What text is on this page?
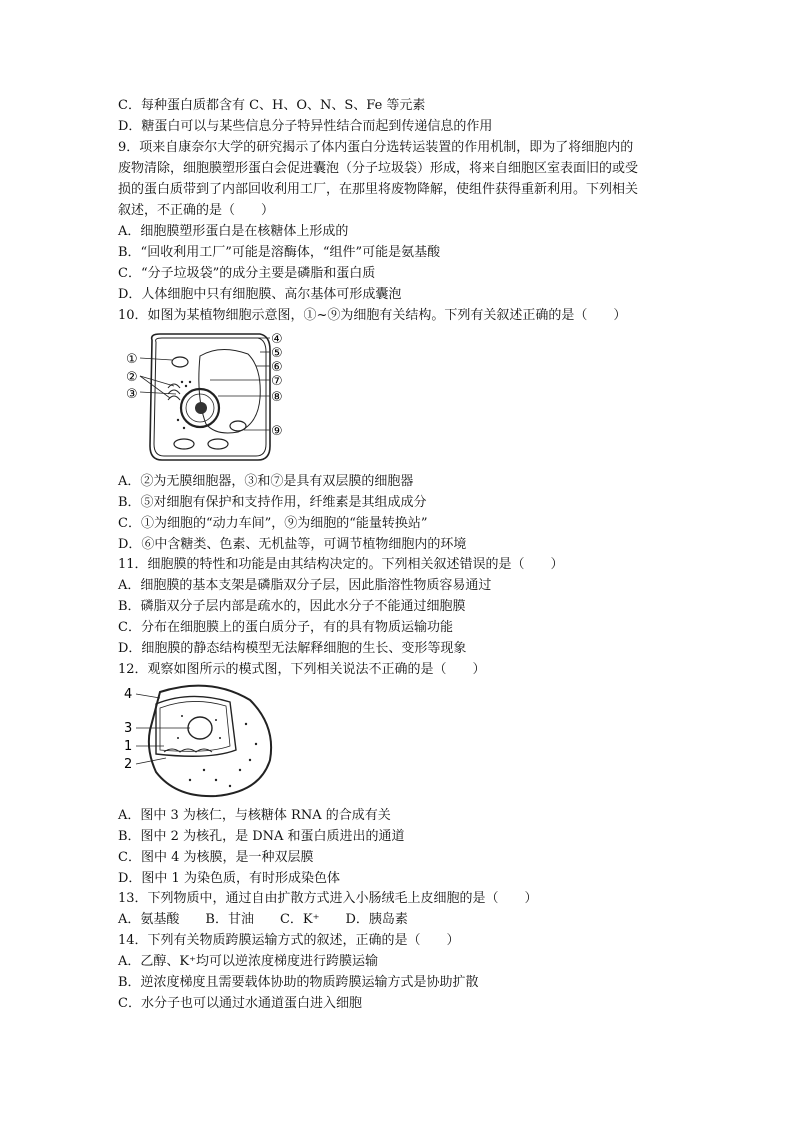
C．每种蛋白质都含有 C、H、O、N、S、Fe 等元素
D．糖蛋白可以与某些信息分子特异性结合而起到传递信息的作用
9．项来自康奈尔大学的研究揭示了体内蛋白分选转运装置的作用机制，即为了将细胞内的
废物清除，细胞膜塑形蛋白会促进囊泡（分子垃圾袋）形成，将来自细胞区室表面旧的或受
损的蛋白质带到了内部回收利用工厂，在那里将废物降解，使组件获得重新利用。下列相关
叙述，不正确的是（　　）
A．细胞膜塑形蛋白是在核糖体上形成的
B．“回收利用工厂”可能是溶酶体，“组件”可能是氨基酸
C．“分子垃圾袋”的成分主要是磷脂和蛋白质
D．人体细胞中只有细胞膜、高尔基体可形成囊泡
10．如图为某植物细胞示意图，①~⑨为细胞有关结构。下列有关叙述正确的是（　　）
①
②
③
④
⑤
⑥
⑦
⑧
⑨
A．②为无膜细胞器，③和⑦是具有双层膜的细胞器
B．⑤对细胞有保护和支持作用，纤维素是其组成成分
C．①为细胞的“动力车间”，⑨为细胞的“能量转换站”
D．⑥中含糖类、色素、无机盐等，可调节植物细胞内的环境
11．细胞膜的特性和功能是由其结构决定的。下列相关叙述错误的是（　　）
A．细胞膜的基本支架是磷脂双分子层，因此脂溶性物质容易通过
B．磷脂双分子层内部是疏水的，因此水分子不能通过细胞膜
C．分布在细胞膜上的蛋白质分子，有的具有物质运输功能
D．细胞膜的静态结构模型无法解释细胞的生长、变形等现象
12．观察如图所示的模式图，下列相关说法不正确的是（　　）
4
3
1
2
A．图中 3 为核仁，与核糖体 RNA 的合成有关
B．图中 2 为核孔，是 DNA 和蛋白质进出的通道
C．图中 4 为核膜，是一种双层膜
D．图中 1 为染色质，有时形成染色体
13．下列物质中，通过自由扩散方式进入小肠绒毛上皮细胞的是（　　）
A．氨基酸　　B．甘油　　C．K⁺　　D．胰岛素
14．下列有关物质跨膜运输方式的叙述，正确的是（　　）
A．乙醇、K⁺均可以逆浓度梯度进行跨膜运输
B．逆浓度梯度且需要载体协助的物质跨膜运输方式是协助扩散
C．水分子也可以通过水通道蛋白进入细胞
